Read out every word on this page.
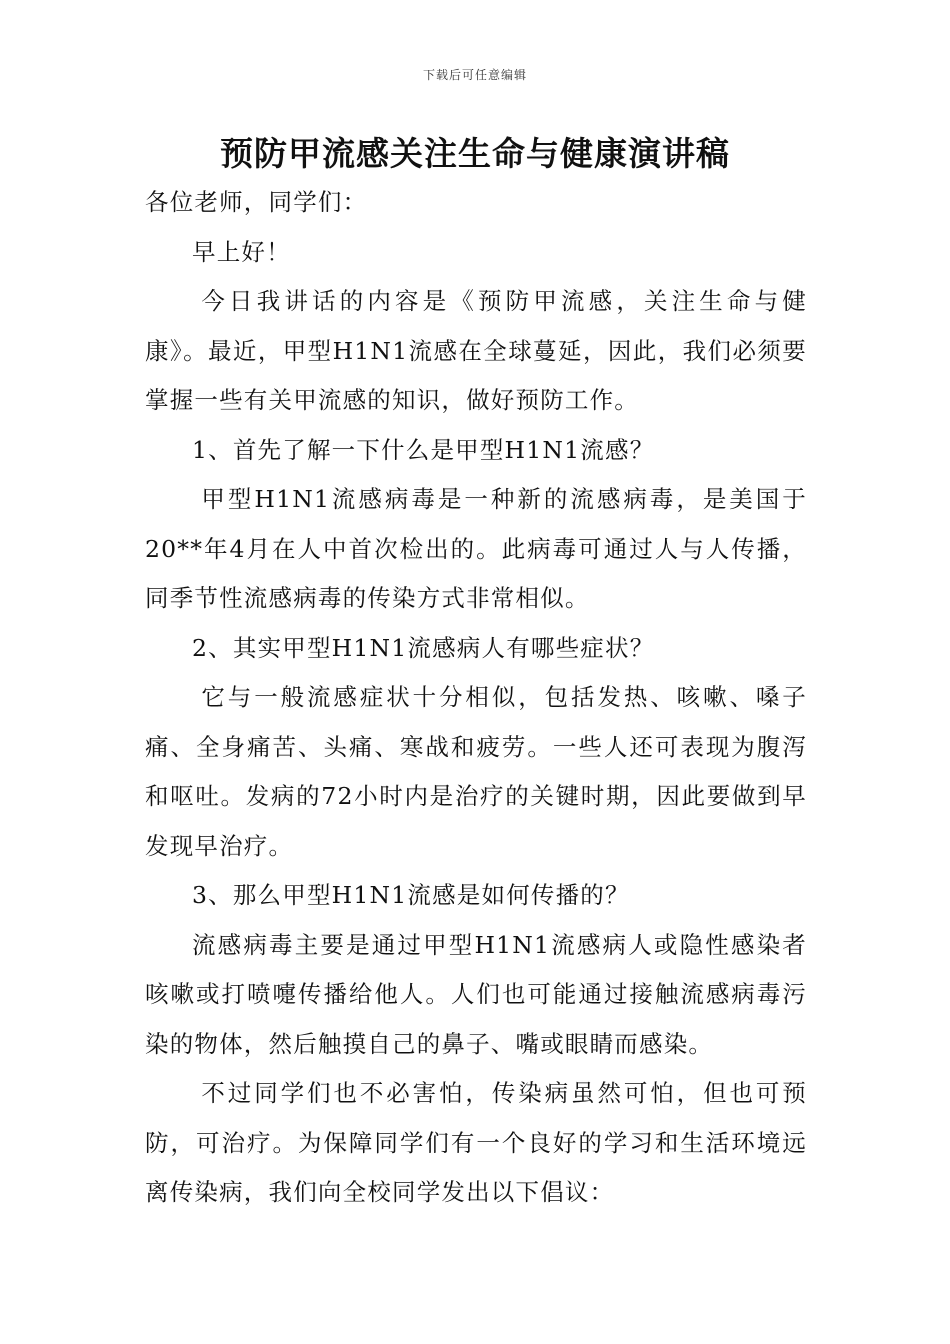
下载后可任意编辑
预防甲流感关注生命与健康演讲稿

各位老师，同学们：

早上好！

今日我讲话的内容是《预防甲流感，关注生命与健康》。最近，甲型H1N1流感在全球蔓延，因此，我们必须要掌握一些有关甲流感的知识，做好预防工作。

1、首先了解一下什么是甲型H1N1流感？

甲型H1N1流感病毒是一种新的流感病毒，是美国于20**年4月在人中首次检出的。此病毒可通过人与人传播，同季节性流感病毒的传染方式非常相似。

2、其实甲型H1N1流感病人有哪些症状？

它与一般流感症状十分相似，包括发热、咳嗽、嗓子痛、全身痛苦、头痛、寒战和疲劳。一些人还可表现为腹泻和呕吐。发病的72小时内是治疗的关键时期，因此要做到早发现早治疗。

3、那么甲型H1N1流感是如何传播的？

流感病毒主要是通过甲型H1N1流感病人或隐性感染者咳嗽或打喷嚏传播给他人。人们也可能通过接触流感病毒污染的物体，然后触摸自己的鼻子、嘴或眼睛而感染。

不过同学们也不必害怕，传染病虽然可怕，但也可预防，可治疗。为保障同学们有一个良好的学习和生活环境远离传染病，我们向全校同学发出以下倡议：
